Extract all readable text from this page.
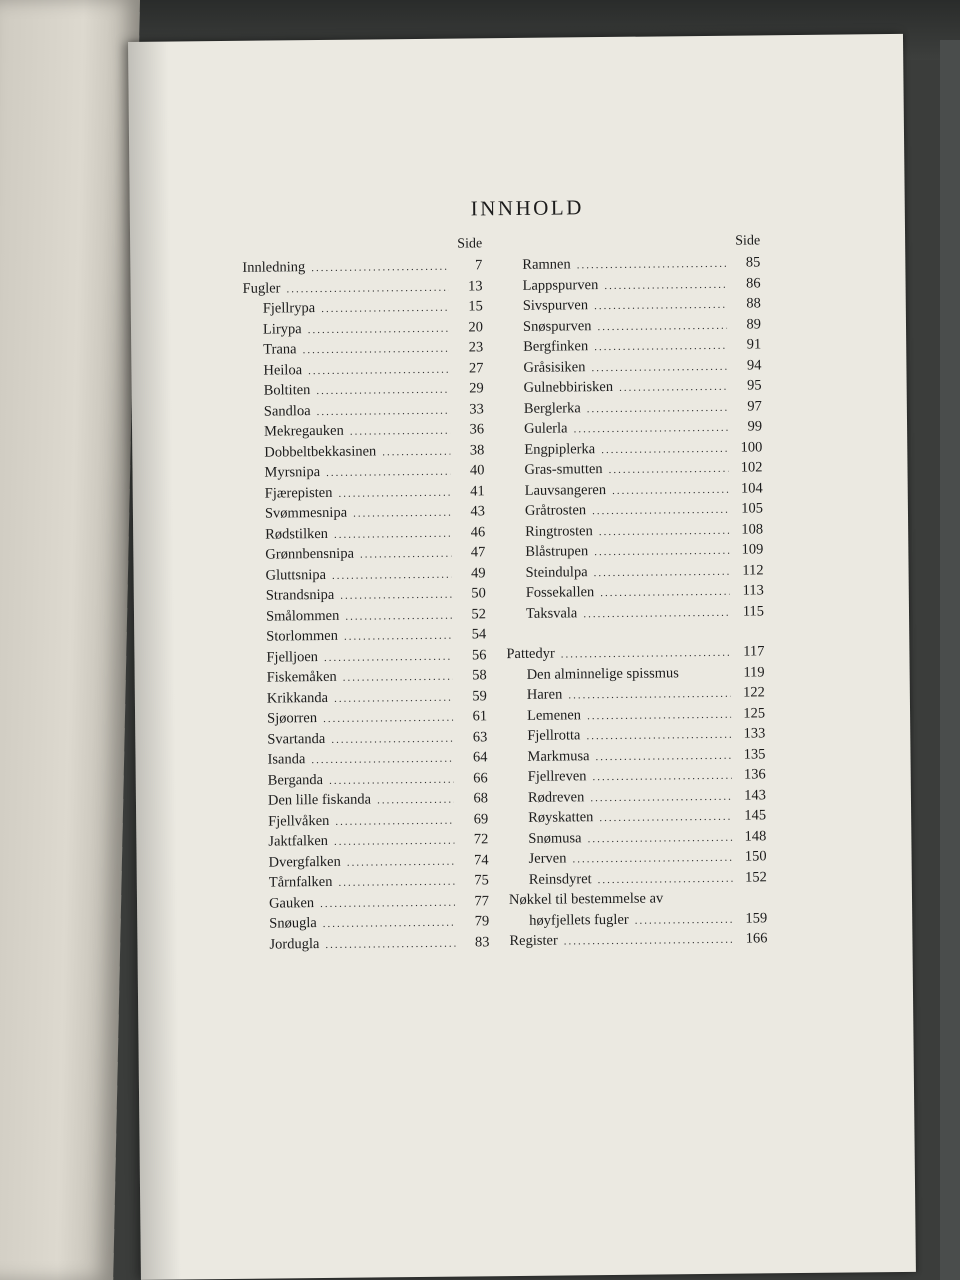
INNHOLD
Side
Innledning .....	7
Fugler .....	13
Fjellrypa .....	15
Lirypa .....	20
Trana .....	23
Heiloa .....	27
Boltiten .....	29
Sandloa .....	33
Mekregauken .....	36
Dobbeltbekkasinen .....	38
Myrsnipa .....	40
Fjærepisten .....	41
Svømmesnipa .....	43
Rødstilken .....	46
Grønnbensnipa .....	47
Gluttsnipa .....	49
Strandsnipa .....	50
Smålommen .....	52
Storlommen .....	54
Fjelljoen .....	56
Fiskemåken .....	58
Krikkanda .....	59
Sjøorren .....	61
Svartanda .....	63
Isanda .....	64
Berganda .....	66
Den lille fiskanda .....	68
Fjellvåken .....	69
Jaktfalken .....	72
Dvergfalken .....	74
Tårnfalken .....	75
Gauken .....	77
Snøugla .....	79
Jordugla .....	83
Side
Ramnen .....	85
Lappspurven .....	86
Sivspurven .....	88
Snøspurven .....	89
Bergfinken .....	91
Gråsisiken .....	94
Gulnebbirisken .....	95
Berglerka .....	97
Gulerla .....	99
Engpiplerka .....	100
Gras-smutten .....	102
Lauvsangeren .....	104
Gråtrosten .....	105
Ringtrosten .....	108
Blåstrupen .....	109
Steindulpa .....	112
Fossekallen .....	113
Taksvala .....	115
Pattedyr .....	117
Den alminnelige spissmus	119
Haren .....	122
Lemenen .....	125
Fjellrotta .....	133
Markmusa .....	135
Fjellreven .....	136
Rødreven .....	143
Røyskatten .....	145
Snømusa .....	148
Jerven .....	150
Reinsdyret .....	152
Nøkkel til bestemmelse av
høyfjellets fugler .....	159
Register .....	166
